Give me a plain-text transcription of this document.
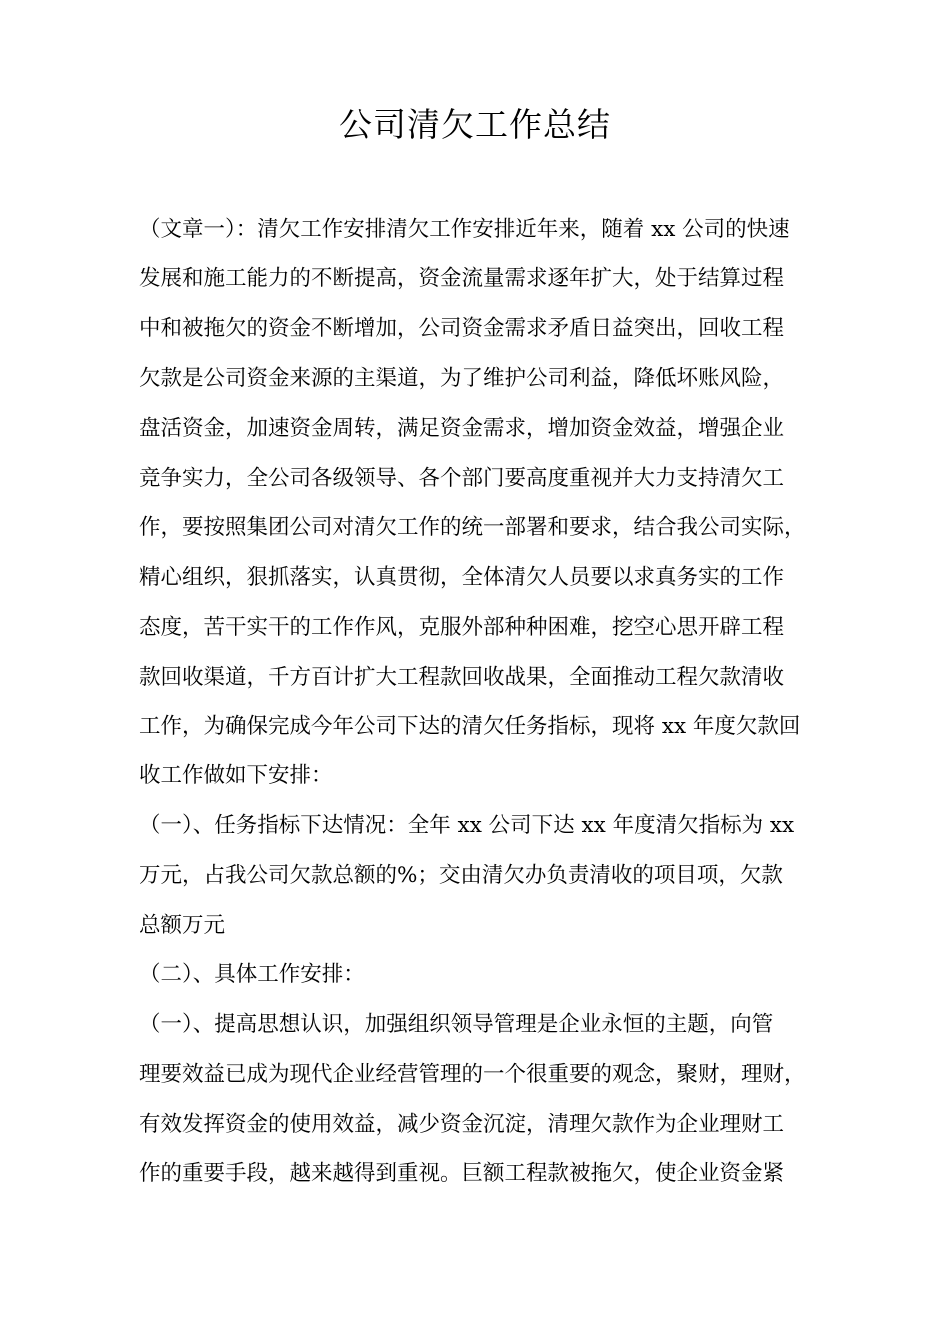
公司清欠工作总结

（文章一）：清欠工作安排清欠工作安排近年来，随着 xx 公司的快速

发展和施工能力的不断提高，资金流量需求逐年扩大，处于结算过程

中和被拖欠的资金不断增加，公司资金需求矛盾日益突出，回收工程

欠款是公司资金来源的主渠道，为了维护公司利益，降低坏账风险，

盘活资金，加速资金周转，满足资金需求，增加资金效益，增强企业

竞争实力，全公司各级领导、各个部门要高度重视并大力支持清欠工

作，要按照集团公司对清欠工作的统一部署和要求，结合我公司实际，

精心组织，狠抓落实，认真贯彻，全体清欠人员要以求真务实的工作

态度，苦干实干的工作作风，克服外部种种困难，挖空心思开辟工程

款回收渠道，千方百计扩大工程款回收战果，全面推动工程欠款清收

工作，为确保完成今年公司下达的清欠任务指标，现将 xx 年度欠款回

收工作做如下安排：

（一）、任务指标下达情况：全年 xx 公司下达 xx 年度清欠指标为 xx

万元，占我公司欠款总额的%；交由清欠办负责清收的项目项，欠款

总额万元

（二）、具体工作安排：

（一）、提高思想认识，加强组织领导管理是企业永恒的主题，向管

理要效益已成为现代企业经营管理的一个很重要的观念，聚财，理财，

有效发挥资金的使用效益，减少资金沉淀，清理欠款作为企业理财工

作的重要手段，越来越得到重视。巨额工程款被拖欠，使企业资金紧
